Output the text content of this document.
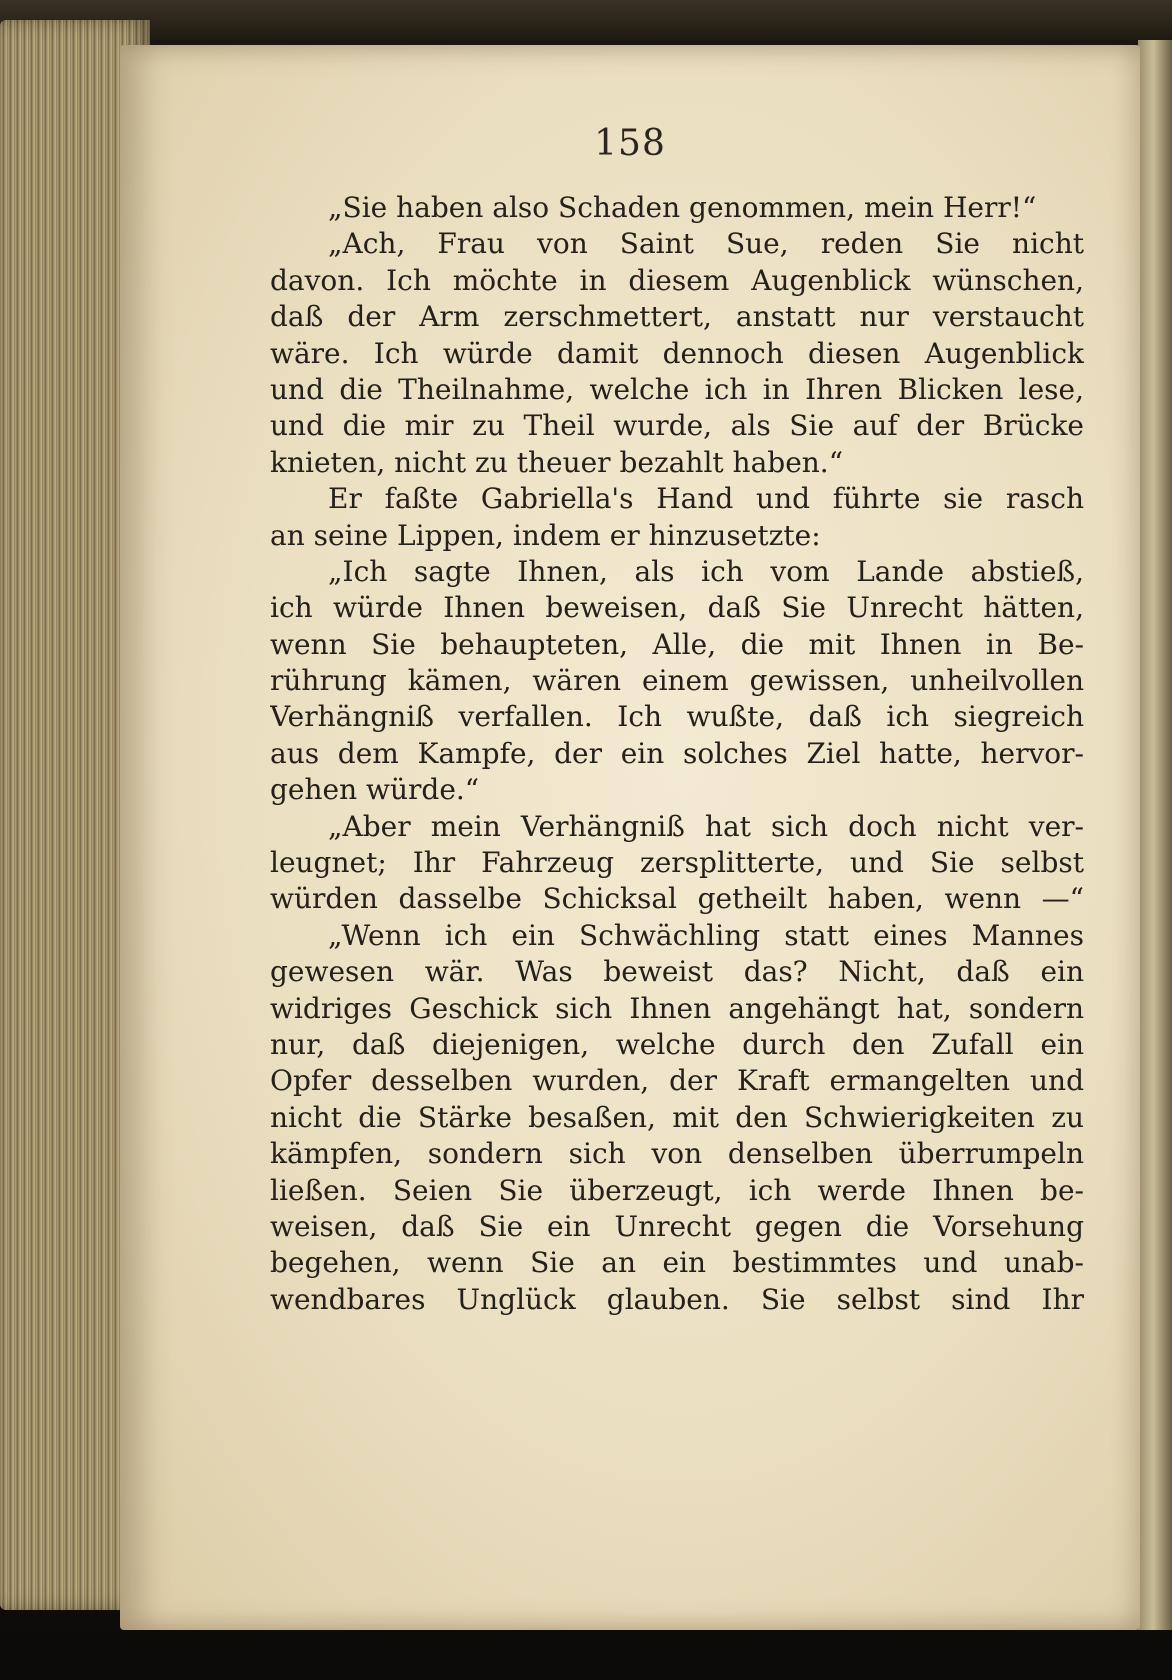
158
„Sie haben also Schaden genommen, mein Herr!“
„Ach, Frau von Saint Sue, reden Sie nicht
davon. Ich möchte in diesem Augenblick wünschen,
daß der Arm zerschmettert, anstatt nur verstaucht
wäre. Ich würde damit dennoch diesen Augenblick
und die Theilnahme, welche ich in Ihren Blicken lese,
und die mir zu Theil wurde, als Sie auf der Brücke
knieten, nicht zu theuer bezahlt haben.“
Er faßte Gabriella's Hand und führte sie rasch
an seine Lippen, indem er hinzusetzte:
„Ich sagte Ihnen, als ich vom Lande abstieß,
ich würde Ihnen beweisen, daß Sie Unrecht hätten,
wenn Sie behaupteten, Alle, die mit Ihnen in Be-
rührung kämen, wären einem gewissen, unheilvollen
Verhängniß verfallen. Ich wußte, daß ich siegreich
aus dem Kampfe, der ein solches Ziel hatte, hervor-
gehen würde.“
„Aber mein Verhängniß hat sich doch nicht ver-
leugnet; Ihr Fahrzeug zersplitterte, und Sie selbst
würden dasselbe Schicksal getheilt haben, wenn —“
„Wenn ich ein Schwächling statt eines Mannes
gewesen wär. Was beweist das? Nicht, daß ein
widriges Geschick sich Ihnen angehängt hat, sondern
nur, daß diejenigen, welche durch den Zufall ein
Opfer desselben wurden, der Kraft ermangelten und
nicht die Stärke besaßen, mit den Schwierigkeiten zu
kämpfen, sondern sich von denselben überrumpeln
ließen. Seien Sie überzeugt, ich werde Ihnen be-
weisen, daß Sie ein Unrecht gegen die Vorsehung
begehen, wenn Sie an ein bestimmtes und unab-
wendbares Unglück glauben. Sie selbst sind Ihr
